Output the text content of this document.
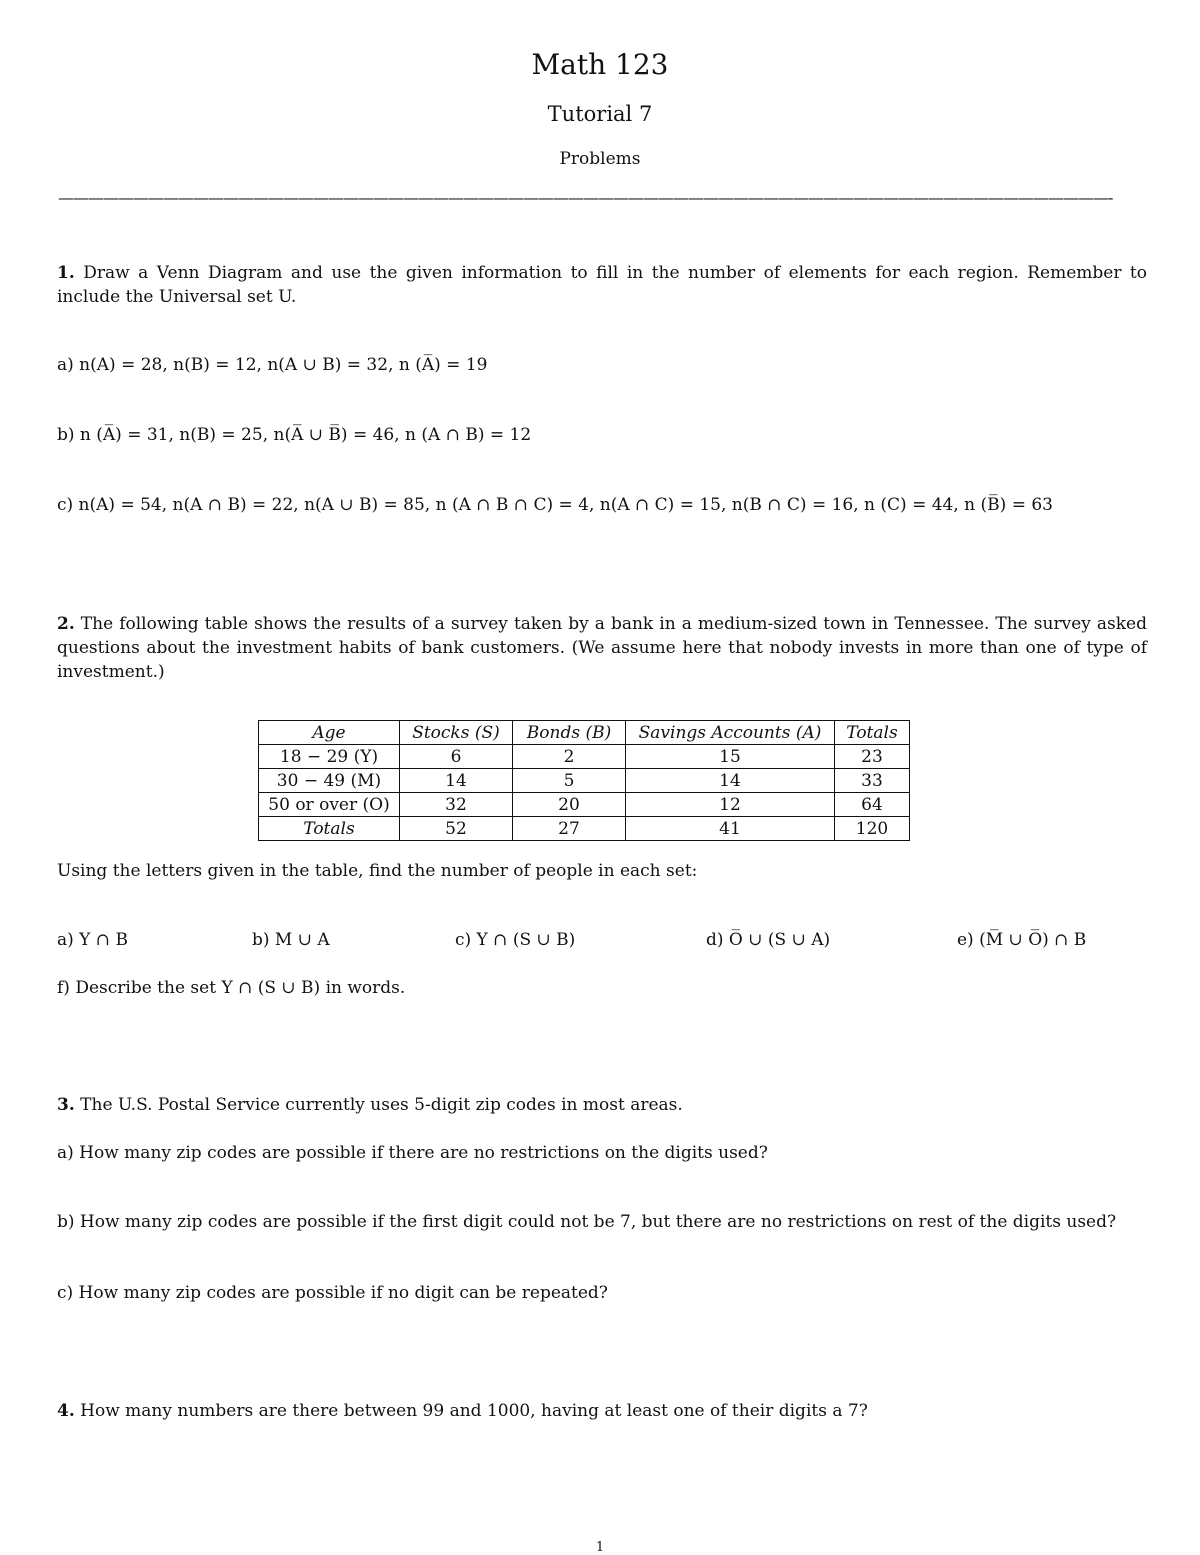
Math 123
Tutorial 7
Problems
——————————————————————————————————————————————————————————————————————-
1. Draw a Venn Diagram and use the given information to fill in the number of elements for each region. Remember to include the Universal set U.
a) n(A) = 28, n(B) = 12, n(A ∪ B) = 32, n (A̅) = 19
b) n (A̅) = 31, n(B) = 25, n(A̅ ∪ B̅) = 46, n (A ∩ B) = 12
c) n(A) = 54, n(A ∩ B) = 22, n(A ∪ B) = 85, n (A ∩ B ∩ C) = 4, n(A ∩ C) = 15, n(B ∩ C) = 16, n (C) = 44, n (B̅) = 63
2. The following table shows the results of a survey taken by a bank in a medium-sized town in Tennessee. The survey asked questions about the investment habits of bank customers. (We assume here that nobody invests in more than one of type of investment.)
Age	Stocks (S)	Bonds (B)	Savings Accounts (A)	Totals
18 − 29 (Y)	6	2	15	23
30 − 49 (M)	14	5	14	33
50 or over (O)	32	20	12	64
Totals	52	27	41	120
Using the letters given in the table, find the number of people in each set:
a) Y ∩ B	b) M ∪ A	c) Y ∩ (S ∪ B)	d) O̅ ∪ (S ∪ A)	e) (M̅ ∪ O̅) ∩ B
f) Describe the set Y ∩ (S ∪ B) in words.
3. The U.S. Postal Service currently uses 5-digit zip codes in most areas.
a) How many zip codes are possible if there are no restrictions on the digits used?
b) How many zip codes are possible if the first digit could not be 7, but there are no restrictions on rest of the digits used?
c) How many zip codes are possible if no digit can be repeated?
4. How many numbers are there between 99 and 1000, having at least one of their digits a 7?
1
